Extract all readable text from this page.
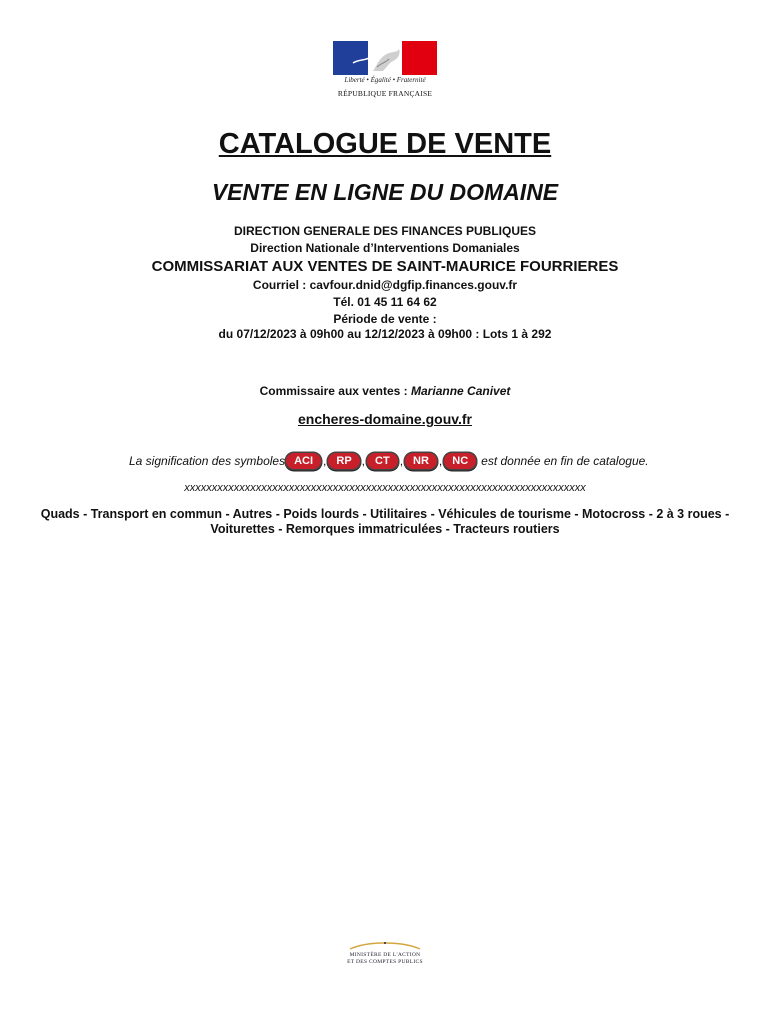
Liberté • Égalité • Fraternité
RÉPUBLIQUE FRANÇAISE
CATALOGUE DE VENTE
VENTE EN LIGNE DU DOMAINE
DIRECTION GENERALE DES FINANCES PUBLIQUES
Direction Nationale d’Interventions Domaniales
COMMISSARIAT AUX VENTES DE SAINT-MAURICE FOURRIERES
Courriel : cavfour.dnid@dgfip.finances.gouv.fr
Tél. 01 45 11 64 62
Période de vente :
du 07/12/2023 à 09h00 au 12/12/2023 à 09h00 : Lots 1 à 292
Commissaire aux ventes : Marianne Canivet
encheres-domaine.gouv.fr
La signification des symboles ACI , RP , CT , NR , NC	est donnée en fin de catalogue.
xxxxxxxxxxxxxxxxxxxxxxxxxxxxxxxxxxxxxxxxxxxxxxxxxxxxxxxxxxxxxxxxxxxxxxxxx
Quads - Transport en commun - Autres - Poids lourds - Utilitaires - Véhicules de tourisme - Motocross - 2 à 3 roues - Voiturettes - Remorques immatriculées - Tracteurs routiers
MINISTÈRE DE L'ACTION
ET DES COMPTES PUBLICS
